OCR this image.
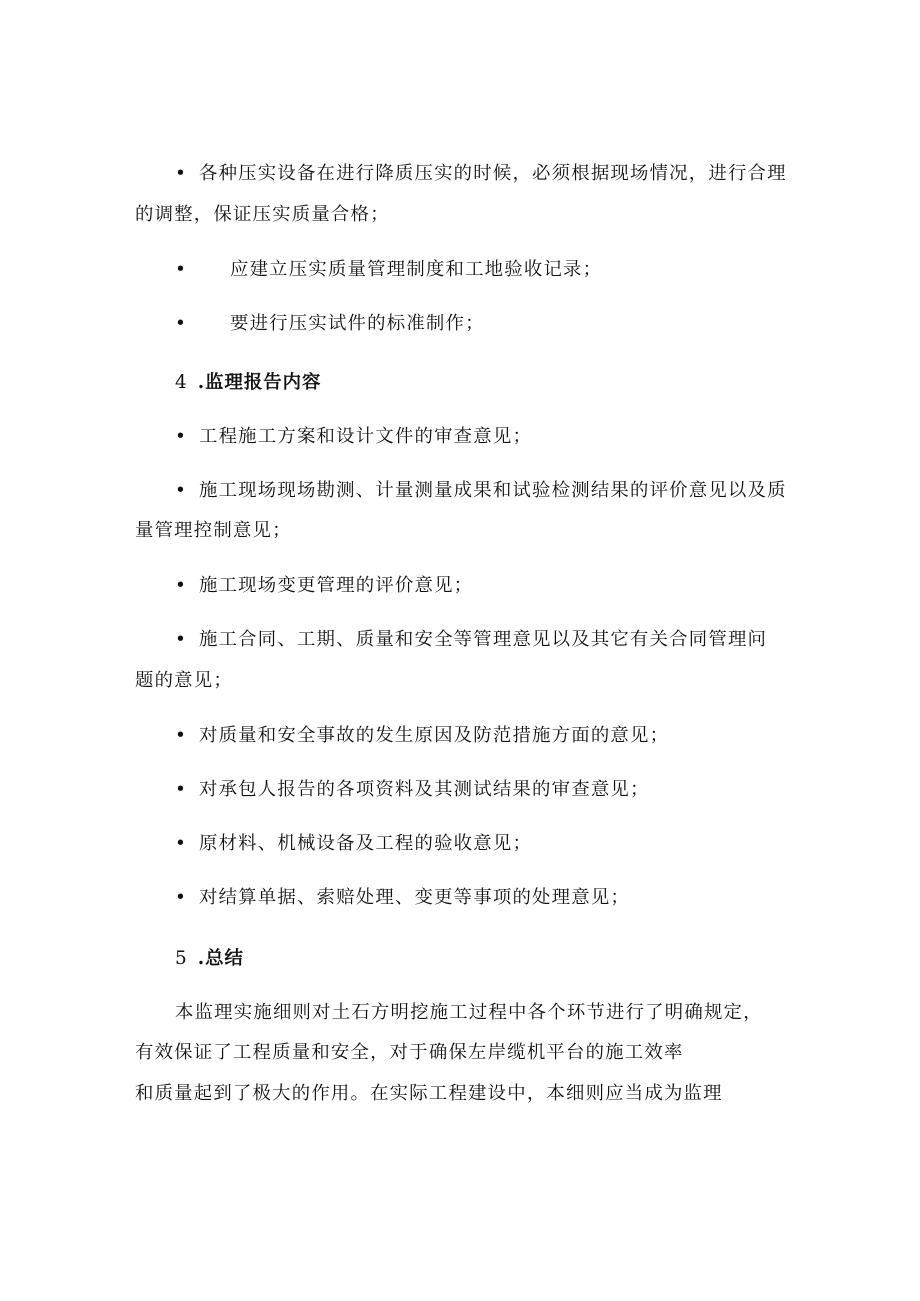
• 各种压实设备在进行降质压实的时候，必须根据现场情况，进行合理
的调整，保证压实质量合格；
• 应建立压实质量管理制度和工地验收记录；
• 要进行压实试件的标准制作；
4 .监理报告内容
• 工程施工方案和设计文件的审查意见；
• 施工现场现场勘测、计量测量成果和试验检测结果的评价意见以及质
量管理控制意见；
• 施工现场变更管理的评价意见；
• 施工合同、工期、质量和安全等管理意见以及其它有关合同管理问
题的意见；
• 对质量和安全事故的发生原因及防范措施方面的意见；
• 对承包人报告的各项资料及其测试结果的审查意见；
• 原材料、机械设备及工程的验收意见；
• 对结算单据、索赔处理、变更等事项的处理意见；
5 .总结
本监理实施细则对土石方明挖施工过程中各个环节进行了明确规定，
有效保证了工程质量和安全，对于确保左岸缆机平台的施工效率
和质量起到了极大的作用。在实际工程建设中，本细则应当成为监理
